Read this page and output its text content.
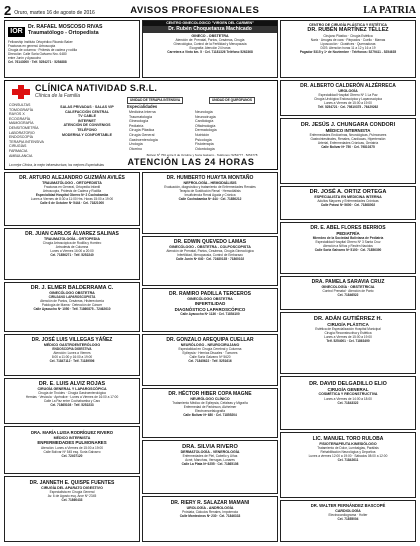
2 Oruro, martes 16 de agosto de 2016	AVISOS PROFESIONALES	LA PATRIA
IOR
Dr. RAFAEL MOSCOSO RIVAS
Traumatólogo - Ortopedista
Fellowship Instituto Ortopédico Ricardo Baker
Fracturas en general. Artroscopia
Cirugía de columna · Prótesis de cadera y rodilla
Dirección: Calle Soria Galvarro Nro. 6480
entre Junín y Ayacucho
Cel. 76143000 · Telf. 5254271 · 5254888
CENTRO GINECOLÓGICO "VIRGEN DEL CARMEN"
Dr. Rubén Choquetanza Machicado
GINECO - OBSTETRA
Atención de: Prenatal, Partos, Cesáreas, Cirugía
Ginecológica, Control de la Fertilidad y Menopausia
Ecografía: Atención 24 horas
Carretera a Vinto km. 5 · Cel. 71181326 Teléfono 5262368
CENTRO DE CIRUGÍA PLÁSTICA Y ESTÉTICA
DR. RUBÉN MARTÍNEZ TÉLLEZ
Cirujano Plástico · Cirugía Estética
Nariz · Arrugas de cara · Párpados · Cuello · Mamas
Liposucción · Cicatrices · Quemaduras
DOS: Atención horas 11 a 12 y 16 a 19
Pagador 5315 y 1º de Noviembre · Teléfonos: 5279411 - 5254635
CLÍNICA NATIVIDAD S.R.L.
Clínica de la Familia
CONSULTAS
TOMOGRAFÍA
RAYOS X
ECOGRAFÍA
MAMOGRAFÍA
DENSITOMETRÍA
LABORATORIO
ENDOSCOPÍA
TERAPIA INTENSIVA
CIRUGÍAS
FARMACIA
AMBULANCIA
SALAS PRIVADAS · SALAS VIP
CALEFACCIÓN CENTRAL
TV CABLE
INTERNET
ATENCIÓN DE CONVENIOS
TELÉFONO
MODERNA Y CONFORTABLE
UNIDAD DE TERAPIA INTENSIVA	UNIDAD DE QUIRÓFANOS
Especialidades
Medicina Interna
Traumatología
Ginecología
Pediatría
Cirugía Plástica
Cirugía General
Gastroenterología
Urología
Otorrino
Neurología
Neurocirugía
Cardiología
Oftalmología
Dermatología
Nutrición
Psicología
Fisioterapia
Odontología
Bolívar Nº 750 entre 6 de Octubre y Soria Galvarro · Teléfonos: 5254777 · 5254778
ATENCIÓN LAS 24 HORAS
La mejor Clínica, la mejor infraestructura, los mejores Especialistas
DR. ARTURO ALEJANDRO GUZMÁN AVILÉS
TRAUMATÓLOGO - ORTOPEDISTA
Fracturas en General, Ortopedia Infantil
Artroscopia, Prótesis de Cadera y Rodilla
Especialidad Hospital Obrero Nº 2 Cochabamba
Lunes a Viernes de 8:30 a 11:00 Hrs. Horas 15:00 a 19:00
Calle 6 de Octubre Nº 5444 · Cel. 71821000
DR. JUAN CARLOS ÁLVAREZ SALINAS
TRAUMATOLOGÍA - ORTOPEDIA
Cirugía Artroscópica de Rodilla y Hombro
Artrodesis de Columna
Lunes a Viernes 16:00 a 20:00
Cel. 71856271 · Telf. 5252240
DR. J. ELMER BALDERRAMA C.
GINECÓLOGO OBSTETRA
CIRUJANO LAPAROSCOPISTA
Atención de Partos, Cesáreas, Histerectomía
Patología de Mama · Detección de Cáncer
Calle Ayacucho Nº 1050 · Telf. 71860875 - 72462610
DR. JOSÉ LUIS VILLEGAS YÁÑEZ
MÉDICO GASTROENTERÓLOGO
ENDOSCOPIA DIGESTIVA
Atención: Lunes a Viernes
8:00 a 11:00 y 16:00 a 19:00
Cel. 71847112 · Telf. 71189506
DR. E. LUIS ALVIZ ROJAS
CIRUGÍA GENERAL Y LAPAROSCÓPICA
Cirugía de Tiroides · Cirugía Gastroenterológica
Hernias · Vesícula · Apéndice · Lunes a Viernes de 16:00 a 17:00
Calle La Paz entre Cochabamba y Caro
Cel. 71865108 · Telf. 5252233
DRA. MARÍA LUISA RODRÍGUEZ RIVERO
MÉDICO INTERNISTA
ENFERMEDADES PULMONARES
Atención: Lunes a Viernes de 15:00 a 19:00
Calle Bolívar Nº 545 esq. Soria Galvarro
Cel. 72407120
DR. JANNETH E. QUISPE FUENTES
CIRUGÍA DEL APARATO DIGESTIVO
Especialista en Cirugía General
Av. 6 de Agosto esq. Arce Nº 2345
Cel. 71860433
DR. HUMBERTO HUAYTA MONTAÑO
NEFROLOGÍA - HEMODIÁLISIS
Evaluación, diagnóstico y tratamiento de Enfermedades Renales
Terapia de Sustitución Renal · Hemodiálisis
Insuficiencia Renal Aguda y Crónica
Calle Cochabamba Nº 444 · Cel. 71856212
DR. EDWIN QUEVEDO LAMAS
GINECÓLOGO - OBSTETRA - COLPOSCOPISTA
Atención de Prenatal, Partos, Cesáreas, Cirugía Ginecológica
Infertilidad, Menopausia, Control de Embarazo
Calle Junín Nº 640 · Cel. 72480135 · 71860102
DR. RAMIRO PADILLA TERCEROS
GINECÓLOGO OBSTETRA
INFERTILIDAD
DIAGNÓSTICO LAPAROSCÓPICO
Calle Ayacucho Nº 1136 · Cel. 71854100
DR. GONZALO AREQUIPA CUELLAR
NEURÓLOGO - NEUROCIRUJANO
Especialidad en Cirugía Cerebral y Columna
Epilepsia · Hernias Discales · Tumores
Calle Soria Galvarro Nº 5620
Cel. 71845622 · Telf. 5251616
DR. HÉCTOR HIBER COPA MAGNE
NEURÓLOGO CLÍNICO
Tratamiento Médico de Epilepsia, Cefaleas y Migraña
Enfermedad de Parkinson, Alzheimer
Electroencefalografía
Calle Bolívar Nº 680 · Cel. 71855204
DRA. SILVIA RIVERO
DERMATOLOGÍA - VENEROLOGÍA
Enfermedades de Piel, Cabello y Uñas
Acné, Manchas, Verrugas, Lunares
Calle La Plata Nº 6255 · Cel. 71865108
DR. RIERY R. SALAZAR MAMANI
UROLOGÍA - ANDROLOGÍA
Próstata, Cálculos Renales, Impotencia
Calle Montecinos Nº 230 · Cel. 71846333
DR. ALBERTO CALDERÓN ALZÉRRECA
UROLOGÍA
Especialidad Hospital Obrero Nº 1 La Paz
Cirugía Urológica Endoscópica y Laparoscópica
Lunes a Viernes de 15:00 a 19:00
Telf. 5254721 · Cel. 79810375 - 76429262
DR. JESÚS J. CHUNGARA CONDORI
MÉDICO INTERNISTA
Enfermedades Endócrinas, Neurológicas, Pulmonares
Gastrointestinales, Renales, Cardíacas, Hipertensión
Arterial, Enfermedades Crónicas, Geriatría
Calle Bolívar Nº 750 · Cel. 79810375
DR. JOSÉ A. ORTIZ ORTEGA
ESPECIALISTA EN MEDICINA INTERNA
Adultos Mayores y Enfermedades Crónicas
Calle Potosí Nº 5600 · Cel. 71868002
DR. E. ABEL FLORES BERRIOS
PEDIATRÍA
Miembro de la Sociedad Boliviana de Pediatría
Especialidad Hospital Obrero Nº 3 Santa Cruz
Atención a Niños y Recién Nacidos
Calle Soria Galvarro Nº 5100 · Cel. 71856390
DRA. PAMELA SARAVIA CRUZ
GINECOLOGÍA · OBSTETRICIA
Control Prenatal · Atención de Parto
Cel. 71846522
DR. ADÁN GUTIÉRREZ H.
CIRUGÍA PLÁSTICA
Estética de Especialización Hospital Municipal
Cirugía Reconstructiva y Estética
Lunes a Viernes de 15:00 a 19:00
Telf. 5254001 · Cel. 71863490
DR. DAVID DELGADILLO ELIO
CIRUGÍA GENERAL
COSMÉTICA Y RECONSTRUCTIVA
Lunes a Viernes de 14:00 a 18:00
Cel. 71843322
LIC. MANUEL TORO RULOBA
FISIOTERAPEUTA KINESIÓLOGO
Tratamiento de Dolor, Lumbalgias, Parálisis
Rehabilitación Neurológica y Deportiva
Lunes a viernes 12:00 a 19:00 · Sábados 08:00 a 12:00
Cel. 71842611
DR. WALTER FERNÁNDEZ BASCOPÉ
CARDIOLOGÍA
Electrocardiograma · Holter
Cel. 71855004
